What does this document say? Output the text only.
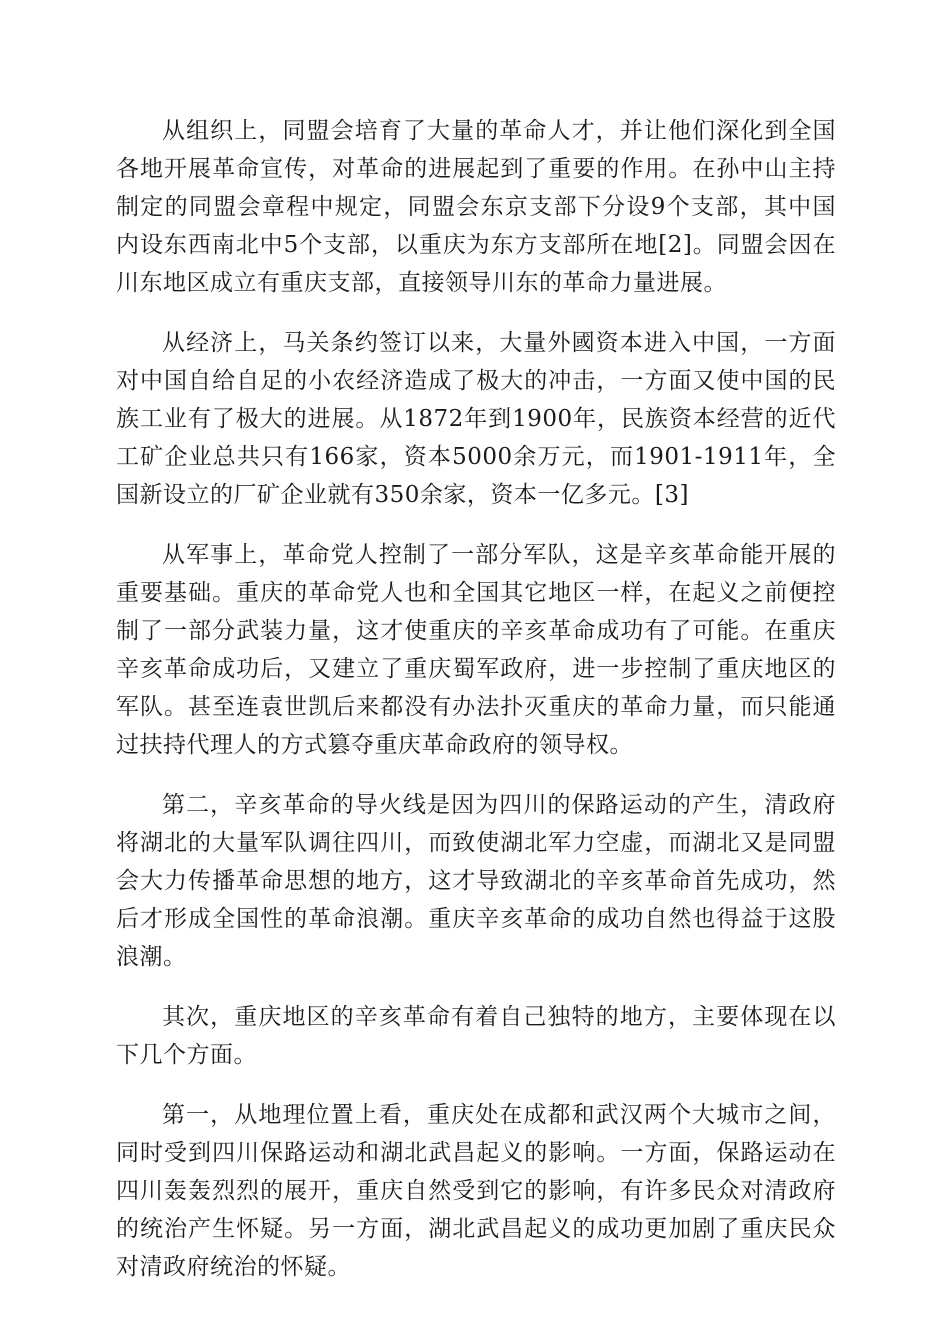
从组织上，同盟会培育了大量的革命人才，并让他们深化到全国各地开展革命宣传，对革命的进展起到了重要的作用。在孙中山主持制定的同盟会章程中规定，同盟会东京支部下分设9个支部，其中国内设东西南北中5个支部，以重庆为东方支部所在地[2]。同盟会因在川东地区成立有重庆支部，直接领导川东的革命力量进展。

从经济上，马关条约签订以来，大量外國资本进入中国，一方面对中国自给自足的小农经济造成了极大的冲击，一方面又使中国的民族工业有了极大的进展。从1872年到1900年，民族资本经营的近代工矿企业总共只有166家，资本5000余万元，而1901-1911年，全国新设立的厂矿企业就有350余家，资本一亿多元。[3]

从军事上，革命党人控制了一部分军队，这是辛亥革命能开展的重要基础。重庆的革命党人也和全国其它地区一样，在起义之前便控制了一部分武装力量，这才使重庆的辛亥革命成功有了可能。在重庆辛亥革命成功后，又建立了重庆蜀军政府，进一步控制了重庆地区的军队。甚至连袁世凯后来都没有办法扑灭重庆的革命力量，而只能通过扶持代理人的方式篡夺重庆革命政府的领导权。

第二，辛亥革命的导火线是因为四川的保路运动的产生，清政府将湖北的大量军队调往四川，而致使湖北军力空虚，而湖北又是同盟会大力传播革命思想的地方，这才导致湖北的辛亥革命首先成功，然后才形成全国性的革命浪潮。重庆辛亥革命的成功自然也得益于这股浪潮。

其次，重庆地区的辛亥革命有着自己独特的地方，主要体现在以下几个方面。

第一，从地理位置上看，重庆处在成都和武汉两个大城市之间，同时受到四川保路运动和湖北武昌起义的影响。一方面，保路运动在四川轰轰烈烈的展开，重庆自然受到它的影响，有许多民众对清政府的统治产生怀疑。另一方面，湖北武昌起义的成功更加剧了重庆民众对清政府统治的怀疑。
